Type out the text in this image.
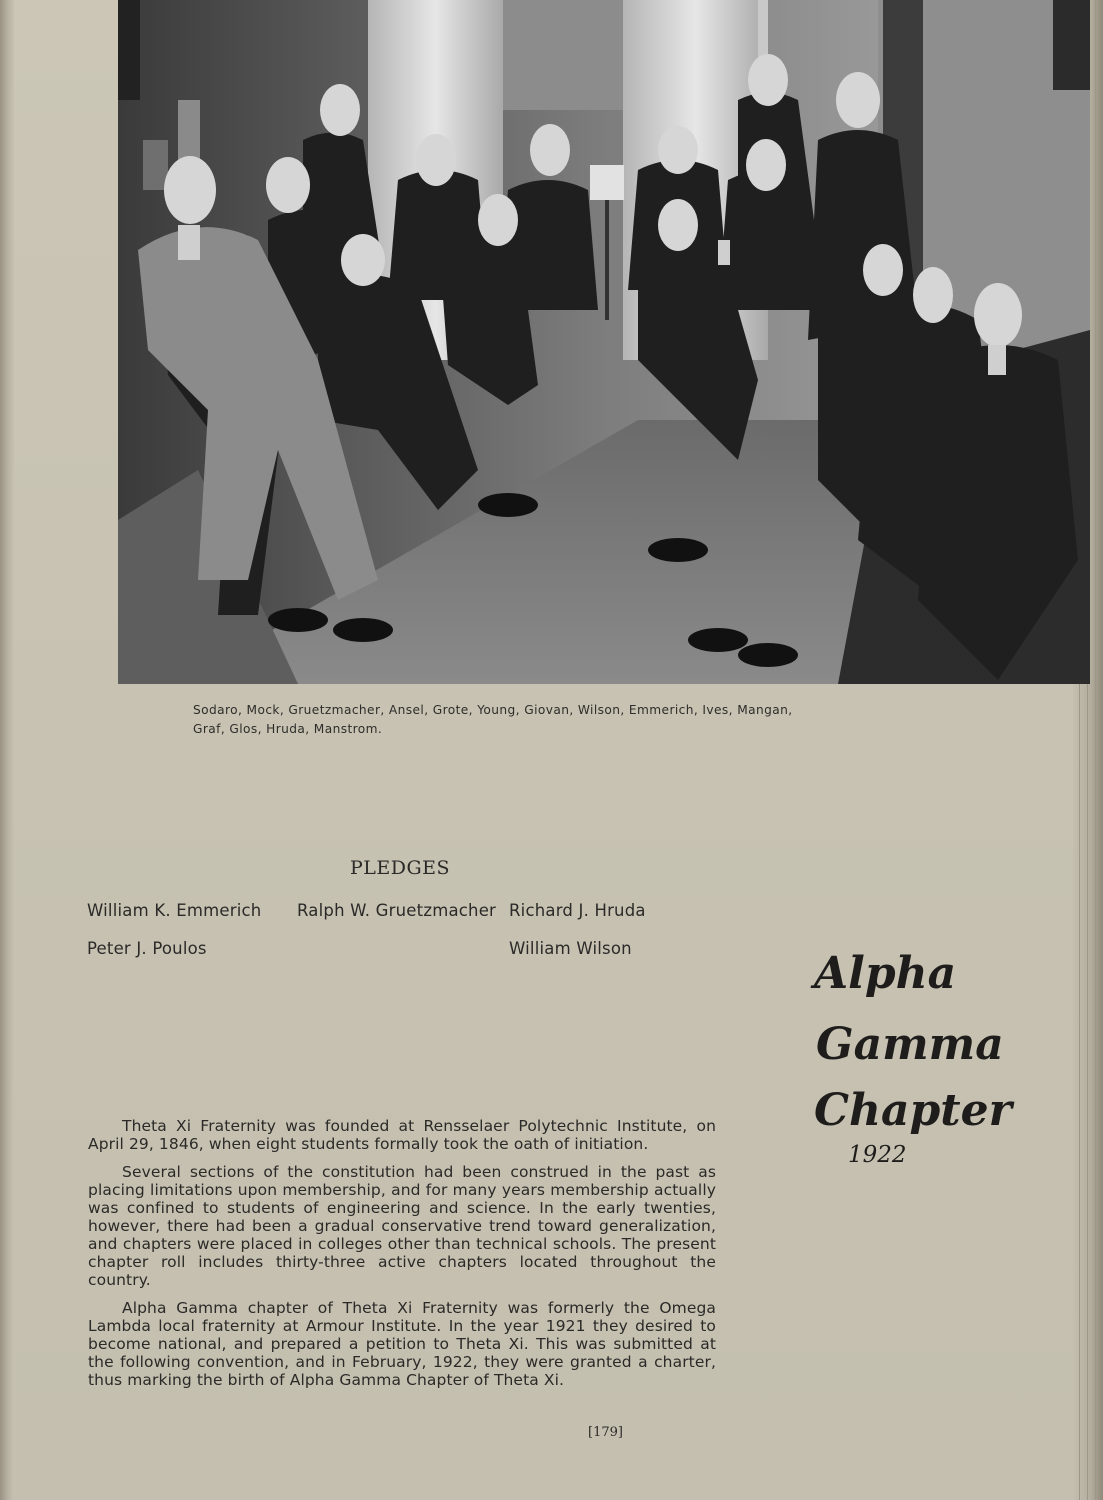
Sodaro, Mock, Gruetzmacher, Ansel, Grote, Young, Giovan, Wilson, Emmerich, Ives, Mangan,
Graf, Glos, Hruda, Manstrom.
PLEDGES
William K. Emmerich Ralph W. Gruetzmacher Richard J. Hruda
Peter J. Poulos	William Wilson	Alpha
Gamma
Chapter
1922

Theta Xi Fraternity was founded at Rensselaer Polytechnic Institute, on April 29, 1846, when eight students formally took the oath of initiation.

Several sections of the constitution had been construed in the past as placing limitations upon membership, and for many years membership actually was confined to students of engineering and science. In the early twenties, however, there had been a gradual conservative trend toward generalization, and chapters were placed in colleges other than technical schools. The present chapter roll includes thirty-three active chapters located throughout the country.

Alpha Gamma chapter of Theta Xi Fraternity was formerly the Omega Lambda local fraternity at Armour Institute. In the year 1921 they desired to become national, and prepared a petition to Theta Xi. This was submitted at the following convention, and in February, 1922, they were granted a charter, thus marking the birth of Alpha Gamma Chapter of Theta Xi.

[179]
